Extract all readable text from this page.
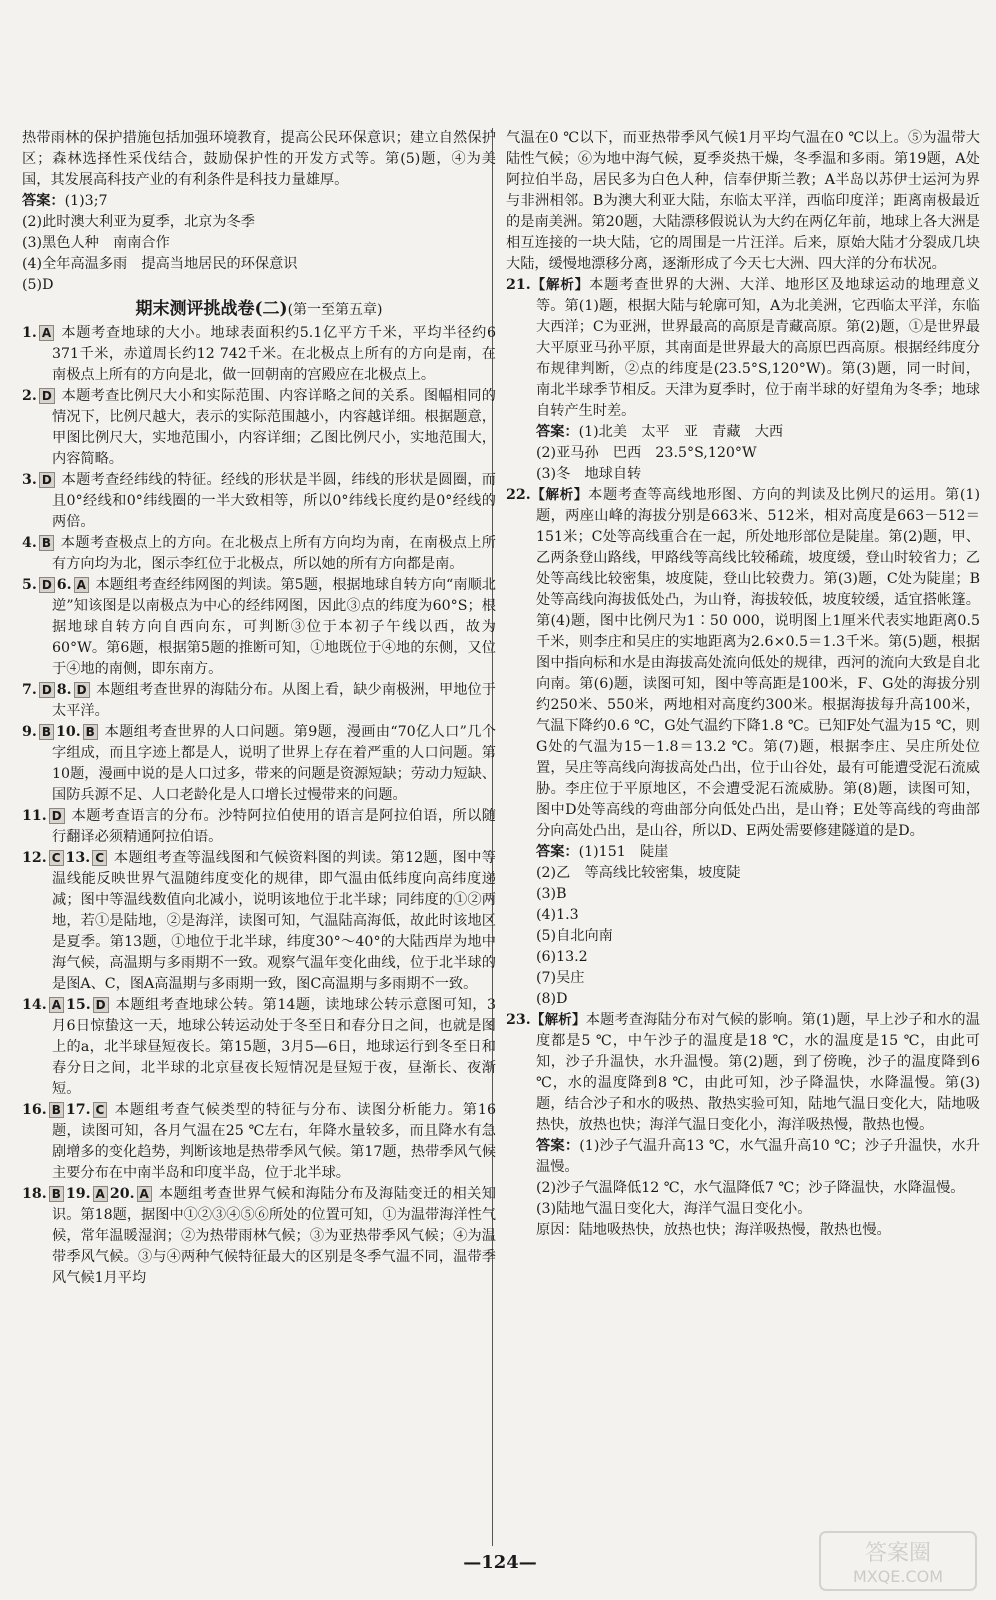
热带雨林的保护措施包括加强环境教育，提高公民环保意识；建立自然保护区；森林选择性采伐结合，鼓励保护性的开发方式等。第(5)题，④为美国，其发展高科技产业的有利条件是科技力量雄厚。

答案：(1)3;7
(2)此时澳大利亚为夏季，北京为冬季
(3)黑色人种　南南合作
(4)全年高温多雨　提高当地居民的环保意识
(5)D
期末测评挑战卷(二)(第一至第五章)

1. A 本题考查地球的大小。地球表面积约5.1亿平方千米，平均半径约6 371千米，赤道周长约12 742千米。在北极点上所有的方向是南，在南极点上所有的方向是北，做一回朝南的宫殿应在北极点上。

2. D 本题考查比例尺大小和实际范围、内容详略之间的关系。图幅相同的情况下，比例尺越大，表示的实际范围越小，内容越详细。根据题意，甲图比例尺大，实地范围小，内容详细；乙图比例尺小，实地范围大，内容简略。

3. D 本题考查经纬线的特征。经线的形状是半圆，纬线的形状是圆圈，而且0°经线和0°纬线圈的一半大致相等，所以0°纬线长度约是0°经线的两倍。

4. B 本题考查极点上的方向。在北极点上所有方向均为南，在南极点上所有方向均为北，图示李红位于北极点，所以她的所有方向都是南。

5. D 6. A 本题组考查经纬网图的判读。第5题，根据地球自转方向“南顺北逆”知该图是以南极点为中心的经纬网图，因此③点的纬度为60°S；根据地球自转方向自西向东，可判断③位于本初子午线以西，故为60°W。第6题，根据第5题的推断可知，①地既位于④地的东侧，又位于④地的南侧，即东南方。

7. D 8. D 本题组考查世界的海陆分布。从图上看，缺少南极洲，甲地位于太平洋。

9. B 10. B 本题组考查世界的人口问题。第9题，漫画由“70亿人口”几个字组成，而且字迹上都是人，说明了世界上存在着严重的人口问题。第10题，漫画中说的是人口过多，带来的问题是资源短缺；劳动力短缺、国防兵源不足、人口老龄化是人口增长过慢带来的问题。

11. D 本题考查语言的分布。沙特阿拉伯使用的语言是阿拉伯语，所以随行翻译必须精通阿拉伯语。

12. C 13. C 本题组考查等温线图和气候资料图的判读。第12题，图中等温线能反映世界气温随纬度变化的规律，即气温由低纬度向高纬度递减；图中等温线数值向北减小，说明该地位于北半球；同纬度的①②两地，若①是陆地，②是海洋，读图可知，气温陆高海低，故此时该地区是夏季。第13题，①地位于北半球，纬度30°～40°的大陆西岸为地中海气候，高温期与多雨期不一致。观察气温年变化曲线，位于北半球的是图A、C，图A高温期与多雨期一致，图C高温期与多雨期不一致。

14. A 15. D 本题组考查地球公转。第14题，读地球公转示意图可知，3月6日惊蛰这一天，地球公转运动处于冬至日和春分日之间，也就是图上的a，北半球昼短夜长。第15题，3月5—6日，地球运行到冬至日和春分日之间，北半球的北京昼夜长短情况是昼短于夜，昼渐长、夜渐短。

16. B 17. C 本题组考查气候类型的特征与分布、读图分析能力。第16题，读图可知，各月气温在25 ℃左右，年降水量较多，而且降水有急剧增多的变化趋势，判断该地是热带季风气候。第17题，热带季风气候主要分布在中南半岛和印度半岛，位于北半球。

18. B 19. A 20. A 本题组考查世界气候和海陆分布及海陆变迁的相关知识。第18题，据图中①②③④⑤⑥所处的位置可知，①为温带海洋性气候，常年温暖湿润；②为热带雨林气候；③为亚热带季风气候；④为温带季风气候。③与④两种气候特征最大的区别是冬季气温不同，温带季风气候1月平均

气温在0 ℃以下，而亚热带季风气候1月平均气温在0 ℃以上。⑤为温带大陆性气候；⑥为地中海气候，夏季炎热干燥，冬季温和多雨。第19题，A处阿拉伯半岛，居民多为白色人种，信奉伊斯兰教；A半岛以苏伊士运河为界与非洲相邻。B为澳大利亚大陆，东临太平洋，西临印度洋；距离南极最近的是南美洲。第20题，大陆漂移假说认为大约在两亿年前，地球上各大洲是相互连接的一块大陆，它的周围是一片汪洋。后来，原始大陆才分裂成几块大陆，缓慢地漂移分离，逐渐形成了今天七大洲、四大洋的分布状况。

21.【解析】本题考查世界的大洲、大洋、地形区及地球运动的地理意义等。第(1)题，根据大陆与轮廓可知，A为北美洲，它西临太平洋，东临大西洋；C为亚洲，世界最高的高原是青藏高原。第(2)题，①是世界最大平原亚马孙平原，其南面是世界最大的高原巴西高原。根据经纬度分布规律判断，②点的纬度是(23.5°S,120°W)。第(3)题，同一时间，南北半球季节相反。天津为夏季时，位于南半球的好望角为冬季；地球自转产生时差。

答案：(1)北美　太平　亚　青藏　大西
(2)亚马孙　巴西　23.5°S,120°W
(3)冬　地球自转

22.【解析】本题考查等高线地形图、方向的判读及比例尺的运用。第(1)题，两座山峰的海拔分别是663米、512米，相对高度是663－512＝151米；C处等高线重合在一起，所处地形部位是陡崖。第(2)题，甲、乙两条登山路线，甲路线等高线比较稀疏，坡度缓，登山时较省力；乙处等高线比较密集，坡度陡，登山比较费力。第(3)题，C处为陡崖；B处等高线向海拔低处凸，为山脊，海拔较低，坡度较缓，适宜搭帐篷。第(4)题，图中比例尺为1∶50 000，说明图上1厘米代表实地距离0.5千米，则李庄和吴庄的实地距离为2.6×0.5＝1.3千米。第(5)题，根据图中指向标和水是由海拔高处流向低处的规律，西河的流向大致是自北向南。第(6)题，读图可知，图中等高距是100米，F、G处的海拔分别约250米、550米，两地相对高度约300米。根据海拔每升高100米，气温下降约0.6 ℃，G处气温约下降1.8 ℃。已知F处气温为15 ℃，则G处的气温为15－1.8＝13.2 ℃。第(7)题，根据李庄、吴庄所处位置，吴庄等高线向海拔高处凸出，位于山谷处，最有可能遭受泥石流威胁。李庄位于平原地区，不会遭受泥石流威胁。第(8)题，读图可知，图中D处等高线的弯曲部分向低处凸出，是山脊；E处等高线的弯曲部分向高处凸出，是山谷，所以D、E两处需要修建隧道的是D。

答案：(1)151　陡崖
(2)乙　等高线比较密集，坡度陡
(3)B
(4)1.3
(5)自北向南
(6)13.2
(7)吴庄
(8)D

23.【解析】本题考查海陆分布对气候的影响。第(1)题，早上沙子和水的温度都是5 ℃，中午沙子的温度是18 ℃，水的温度是15 ℃，由此可知，沙子升温快，水升温慢。第(2)题，到了傍晚，沙子的温度降到6 ℃，水的温度降到8 ℃，由此可知，沙子降温快，水降温慢。第(3)题，结合沙子和水的吸热、散热实验可知，陆地气温日变化大，陆地吸热快，放热也快；海洋气温日变化小，海洋吸热慢，散热也慢。

答案：(1)沙子气温升高13 ℃，水气温升高10 ℃；沙子升温快，水升温慢。
(2)沙子气温降低12 ℃，水气温降低7 ℃；沙子降温快，水降温慢。
(3)陆地气温日变化大，海洋气温日变化小。
原因：陆地吸热快，放热也快；海洋吸热慢，散热也慢。
—124—	答案圈
MXQE.COM
